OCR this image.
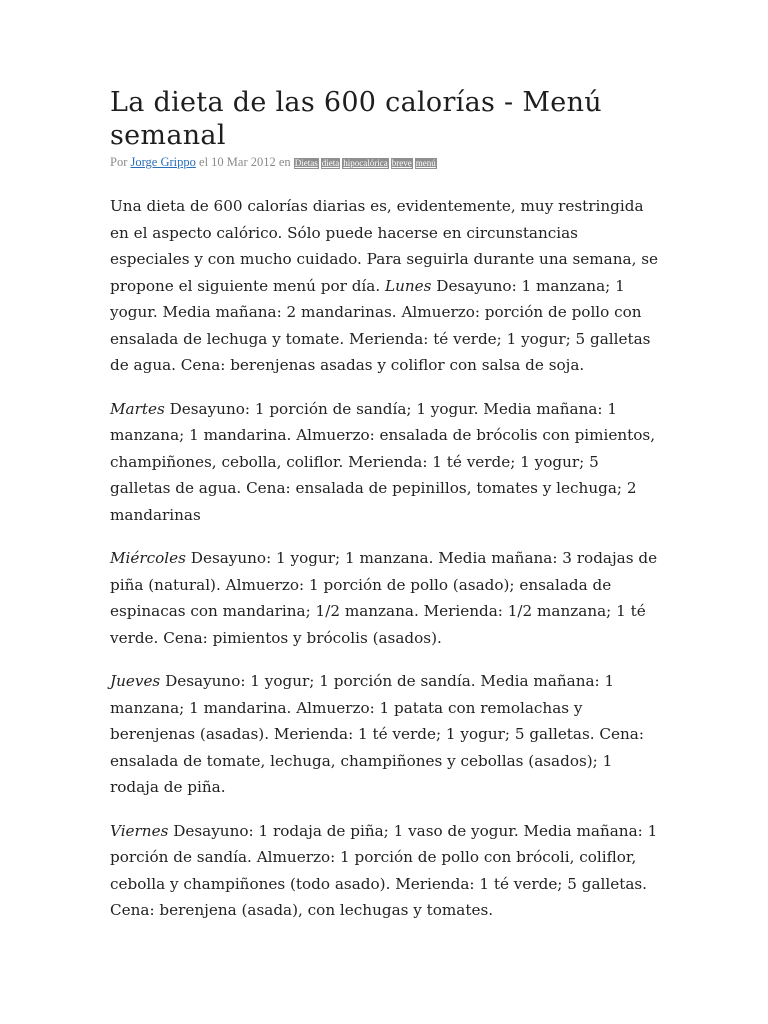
La dieta de las 600 calorías - Menú semanal
Por Jorge Grippo el 10 Mar 2012 en Dietas dieta hipocalórica breve menú

Una dieta de 600 calorías diarias es, evidentemente, muy restringida en el aspecto calórico. Sólo puede hacerse en circunstancias especiales y con mucho cuidado. Para seguirla durante una semana, se propone el siguiente menú por día. Lunes Desayuno: 1 manzana; 1 yogur. Media mañana: 2 mandarinas. Almuerzo: porción de pollo con ensalada de lechuga y tomate. Merienda: té verde; 1 yogur; 5 galletas de agua. Cena: berenjenas asadas y coliflor con salsa de soja.

Martes Desayuno: 1 porción de sandía; 1 yogur. Media mañana: 1 manzana; 1 mandarina. Almuerzo: ensalada de brócolis con pimientos, champiñones, cebolla, coliflor. Merienda: 1 té verde; 1 yogur; 5 galletas de agua. Cena: ensalada de pepinillos, tomates y lechuga; 2 mandarinas

Miércoles Desayuno: 1 yogur; 1 manzana. Media mañana: 3 rodajas de piña (natural). Almuerzo: 1 porción de pollo (asado); ensalada de espinacas con mandarina; 1/2 manzana. Merienda: 1/2 manzana; 1 té verde. Cena: pimientos y brócolis (asados).

Jueves Desayuno: 1 yogur; 1 porción de sandía. Media mañana: 1 manzana; 1 mandarina. Almuerzo: 1 patata con remolachas y berenjenas (asadas). Merienda: 1 té verde; 1 yogur; 5 galletas. Cena: ensalada de tomate, lechuga, champiñones y cebollas (asados); 1 rodaja de piña.

Viernes Desayuno: 1 rodaja de piña; 1 vaso de yogur. Media mañana: 1 porción de sandía. Almuerzo: 1 porción de pollo con brócoli, coliflor, cebolla y champiñones (todo asado). Merienda: 1 té verde; 5 galletas. Cena: berenjena (asada), con lechugas y tomates.
